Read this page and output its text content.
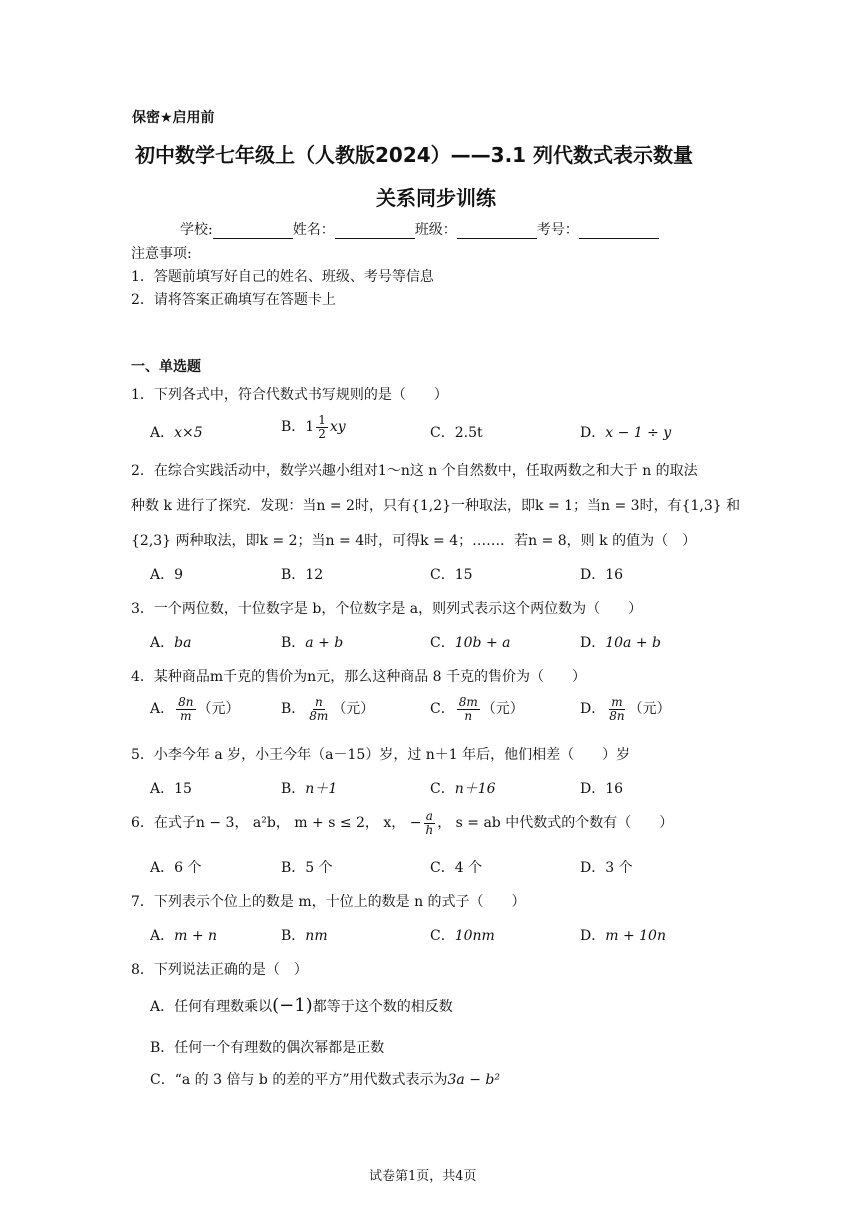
保密★启用前
初中数学七年级上（人教版2024）——3.1 列代数式表示数量
关系同步训练
学校:	姓名：	班级：	考号：
注意事项:
1．答题前填写好自己的姓名、班级、考号等信息
2．请将答案正确填写在答题卡上
一、单选题
1．下列各式中，符合代数式书写规则的是（　　）
A．x×5	B．$1 \frac{1}{2}$ xy	C．2.5t	D．x − 1 ÷ y
2．在综合实践活动中，数学兴趣小组对1～n这 n 个自然数中，任取两数之和大于 n 的取法
种数 k 进行了探究．发现：当n = 2时，只有{1,2}一种取法，即k = 1；当n = 3时，有{1,3} 和
{2,3} 两种取法，即k = 2；当n = 4时，可得k = 4；……．若n = 8，则 k 的值为（　）
A．9	B．12	C．15	D．16
3．一个两位数，十位数字是 b，个位数字是 a，则列式表示这个两位数为（　　）
A．ba	B．a + b	C．10b + a	D．10a + b
4．某种商品m千克的售价为n元，那么这种商品 8 千克的售价为（　　）
A． $\frac{8n}{m}$ （元）	B． $\frac{n}{8m}$ （元）	C． $\frac{8m}{n}$ （元）	D． $\frac{m}{8n}$ （元）
5．小李今年 a 岁，小王今年（a－15）岁，过 n＋1 年后，他们相差（　　）岁
A．15	B．n＋1	C．n＋16	D．16
6．在式子n − 3， a²b， m + s ≤ 2， x， − $\frac{a}{h}$ ， s = ab 中代数式的个数有（　　）
A．6 个	B．5 个	C．4 个	D．3 个
7．下列表示个位上的数是 m，十位上的数是 n 的式子（　　）
A．m + n	B．nm	C．10nm	D．m + 10n
8．下列说法正确的是（　）
A．任何有理数乘以(−1)都等于这个数的相反数
B．任何一个有理数的偶次幂都是正数
C．“a 的 3 倍与 b 的差的平方”用代数式表示为3a − b²
试卷第1页，共4页
